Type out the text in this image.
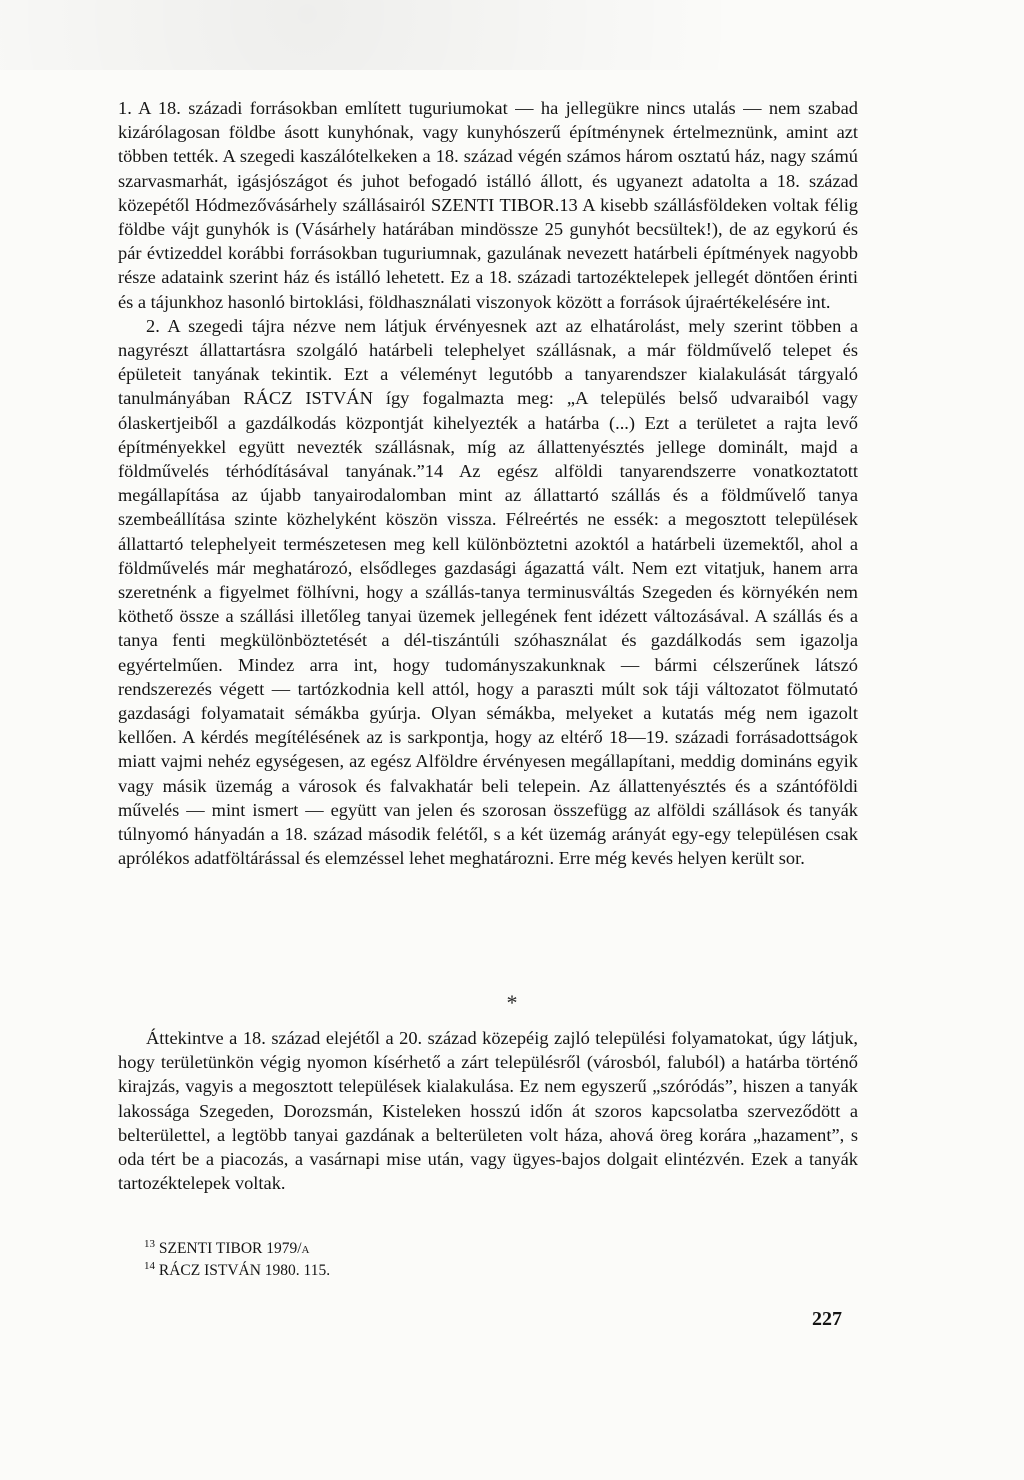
1. A 18. századi forrásokban említett tuguriumokat — ha jellegükre nincs utalás — nem szabad kizárólagosan földbe ásott kunyhónak, vagy kunyhószerű építménynek értelmeznünk, amint azt többen tették. A szegedi kaszálótelkeken a 18. század végén számos három osztatú ház, nagy számú szarvasmarhát, igásjószágot és juhot befogadó istálló állott, és ugyanezt adatolta a 18. század közepétől Hódmezővásárhely szállásairól SZENTI TIBOR.13 A kisebb szállásföldeken voltak félig földbe vájt gunyhók is (Vásárhely határában mindössze 25 gunyhót becsültek!), de az egykorú és pár évtizeddel korábbi forrásokban tuguriumnak, gazulának nevezett határbeli építmények nagyobb része adataink szerint ház és istálló lehetett. Ez a 18. századi tartozéktelepek jellegét döntően érinti és a tájunkhoz hasonló birtoklási, földhasználati viszonyok között a források újraértékelésére int.

2. A szegedi tájra nézve nem látjuk érvényesnek azt az elhatárolást, mely szerint többen a nagyrészt állattartásra szolgáló határbeli telephelyet szállásnak, a már földművelő telepet és épületeit tanyának tekintik. Ezt a véleményt legutóbb a tanyarendszer kialakulását tárgyaló tanulmányában RÁCZ ISTVÁN így fogalmazta meg: „A település belső udvaraiból vagy ólaskertjeiből a gazdálkodás központját kihelyezték a határba (...) Ezt a területet a rajta levő építményekkel együtt nevezték szállásnak, míg az állattenyésztés jellege dominált, majd a földművelés térhódításával tanyának.”14 Az egész alföldi tanyarendszerre vonatkoztatott megállapítása az újabb tanyairodalomban mint az állattartó szállás és a földművelő tanya szembeállítása szinte közhelyként köszön vissza. Félreértés ne essék: a megosztott települések állattartó telephelyeit természetesen meg kell különböztetni azoktól a határbeli üzemektől, ahol a földművelés már meghatározó, elsődleges gazdasági ágazattá vált. Nem ezt vitatjuk, hanem arra szeretnénk a figyelmet fölhívni, hogy a szállás-tanya terminusváltás Szegeden és környékén nem köthető össze a szállási illetőleg tanyai üzemek jellegének fent idézett változásával. A szállás és a tanya fenti megkülönböztetését a dél-tiszántúli szóhasználat és gazdálkodás sem igazolja egyértelműen. Mindez arra int, hogy tudományszakunknak — bármi célszerűnek látszó rendszerezés végett — tartózkodnia kell attól, hogy a paraszti múlt sok táji változatot fölmutató gazdasági folyamatait sémákba gyúrja. Olyan sémákba, melyeket a kutatás még nem igazolt kellően. A kérdés megítélésének az is sarkpontja, hogy az eltérő 18—19. századi forrásadottságok miatt vajmi nehéz egységesen, az egész Alföldre érvényesen megállapítani, meddig domináns egyik vagy másik üzemág a városok és falvakhatár beli telepein. Az állattenyésztés és a szántóföldi művelés — mint ismert — együtt van jelen és szorosan összefügg az alföldi szállások és tanyák túlnyomó hányadán a 18. század második felétől, s a két üzemág arányát egy-egy településen csak aprólékos adatföltárással és elemzéssel lehet meghatározni. Erre még kevés helyen került sor.

*

Áttekintve a 18. század elejétől a 20. század közepéig zajló települési folyamatokat, úgy látjuk, hogy területünkön végig nyomon kísérhető a zárt településről (városból, faluból) a határba történő kirajzás, vagyis a megosztott települések kialakulása. Ez nem egyszerű „szóródás”, hiszen a tanyák lakossága Szegeden, Dorozsmán, Kisteleken hosszú időn át szoros kapcsolatba szerveződött a belterülettel, a legtöbb tanyai gazdának a belterületen volt háza, ahová öreg korára „hazament”, s oda tért be a piacozás, a vasárnapi mise után, vagy ügyes-bajos dolgait elintézvén. Ezek a tanyák tartozéktelepek voltak.

$^{13}$ SZENTI TIBOR 1979/a
$^{14}$ RÁCZ ISTVÁN 1980. 115.
227
